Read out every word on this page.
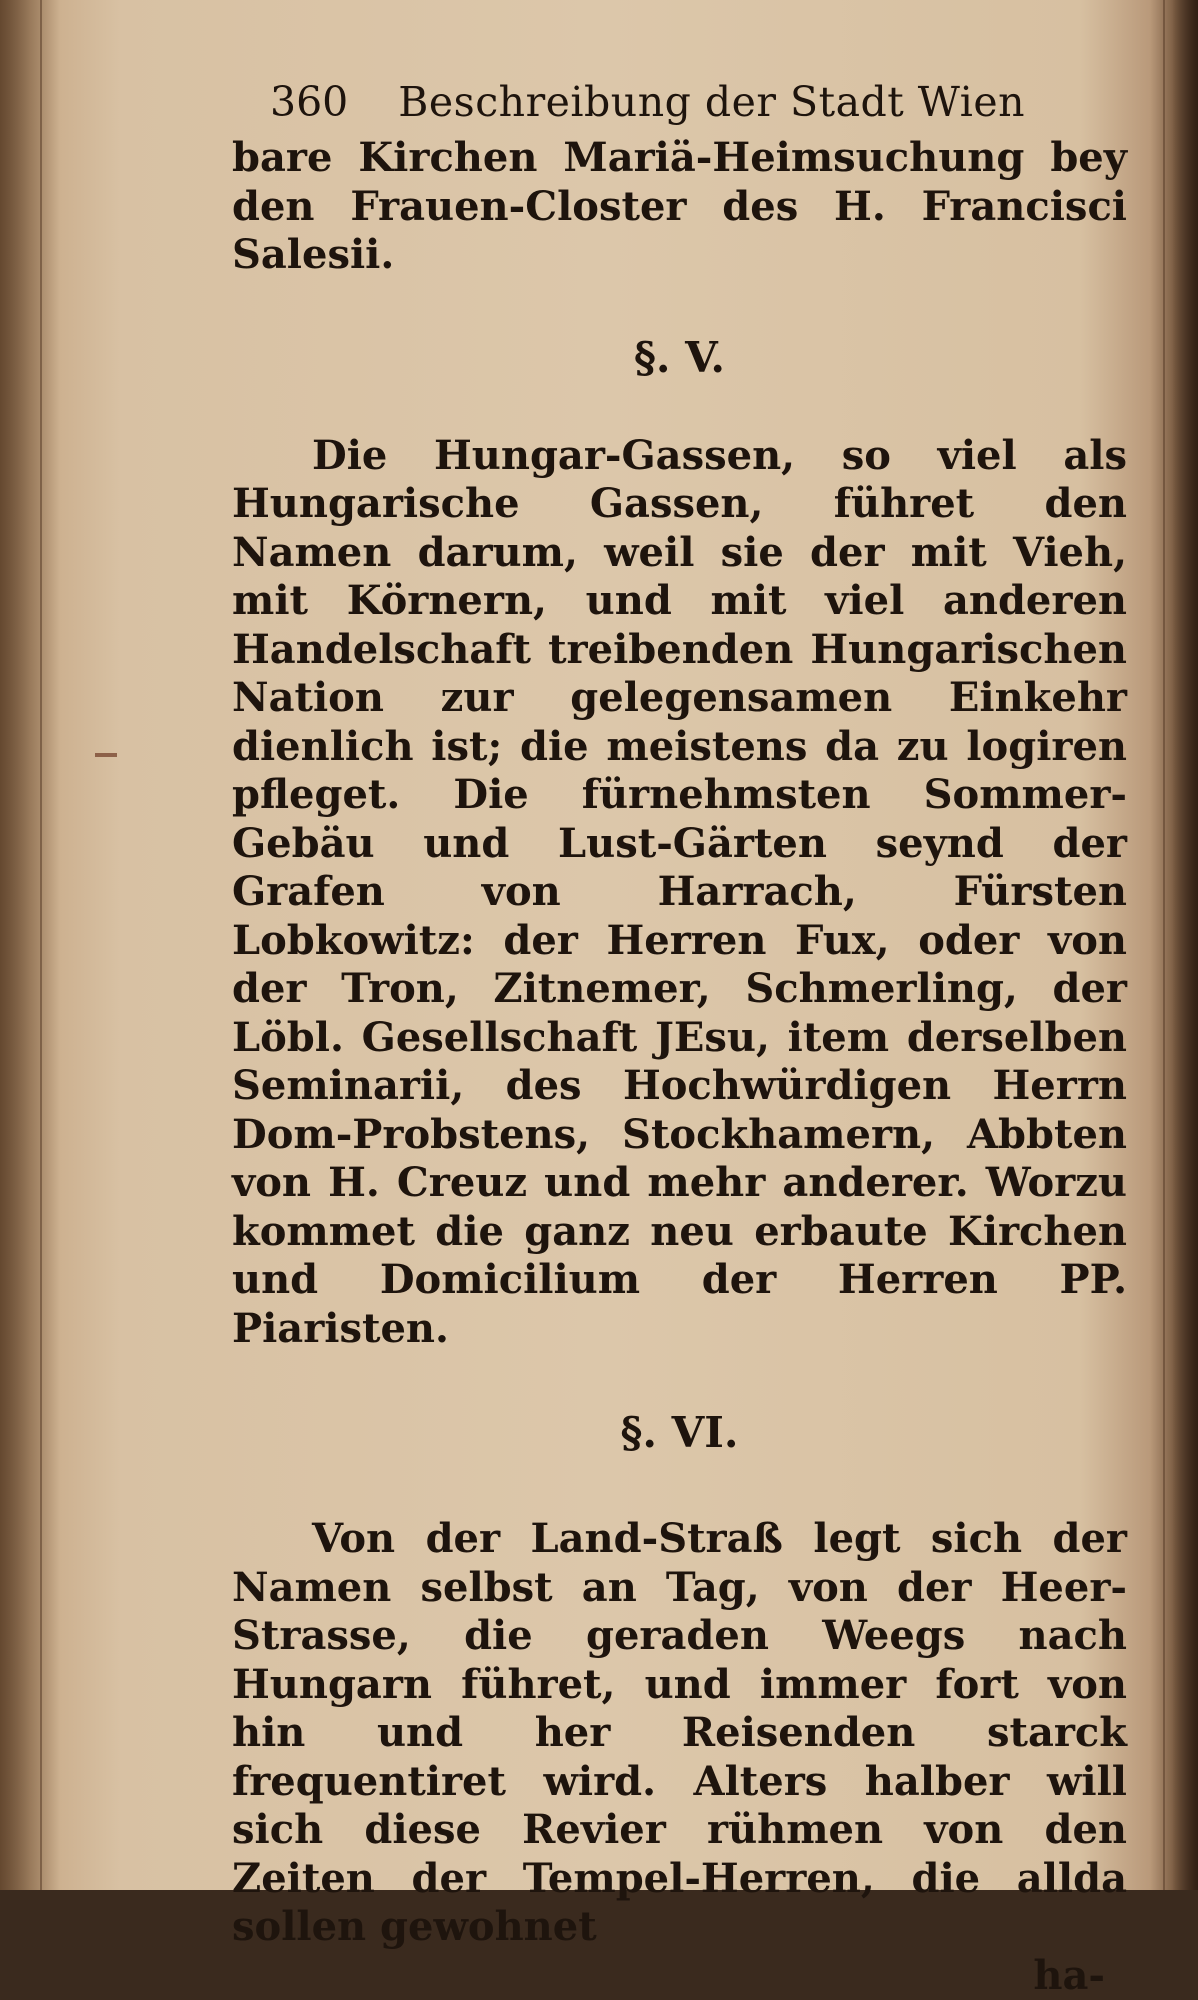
360 Beschreibung der Stadt Wien

bare Kirchen Mariä-Heimsuchung bey den Frauen-Closter des H. Francisci Salesii.

§. V.

Die Hungar-Gassen, so viel als Hungarische Gassen, führet den Namen darum, weil sie der mit Vieh, mit Körnern, und mit viel anderen Handelschaft treibenden Hungarischen Nation zur gelegensamen Einkehr dienlich ist; die meistens da zu logiren pfleget. Die fürnehmsten Sommer-Gebäu und Lust-Gärten seynd der Grafen von Harrach, Fürsten Lobkowitz: der Herren Fux, oder von der Tron, Zitnemer, Schmerling, der Löbl. Gesellschaft JEsu, item derselben Seminarii, des Hochwürdigen Herrn Dom-Probstens, Stockhamern, Abbten von H. Creuz und mehr anderer. Worzu kommet die ganz neu erbaute Kirchen und Domicilium der Herren PP. Piaristen.

§. VI.

Von der Land-Straß legt sich der Namen selbst an Tag, von der Heer-Strasse, die geraden Weegs nach Hungarn führet, und immer fort von hin und her Reisenden starck frequentiret wird. Alters halber will sich diese Revier rühmen von den Zeiten der Tempel-Herren, die allda sollen gewohnet

ha-
